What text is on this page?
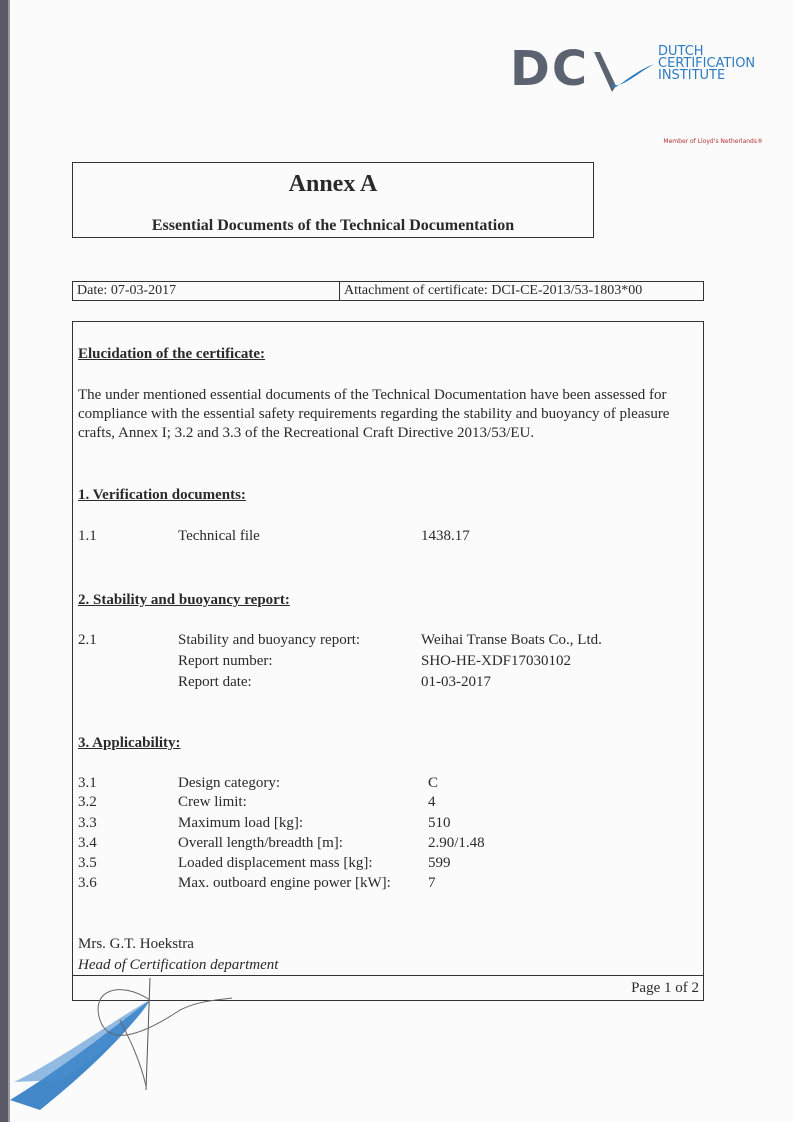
DC	DUTCH
CERTIFICATION
INSTITUTE
Member of Lloyd's Netherlands®
Annex A
Essential Documents of the Technical Documentation
Date: 07-03-2017	Attachment of certificate: DCI-CE-2013/53-1803*00
Elucidation of the certificate:
The under mentioned essential documents of the Technical Documentation have been assessed for compliance with the essential safety requirements regarding the stability and buoyancy of pleasure crafts, Annex I; 3.2 and 3.3 of the Recreational Craft Directive 2013/53/EU.
1. Verification documents:
1.1	Technical file	1438.17
2. Stability and buoyancy report:
2.1	Stability and buoyancy report:	Weihai Transe Boats Co., Ltd.
Report number:	SHO-HE-XDF17030102
Report date:	01-03-2017
3. Applicability:
3.1	Design category:	C
3.2	Crew limit:	4
3.3	Maximum load [kg]:	510
3.4	Overall length/breadth [m]:	2.90/1.48
3.5	Loaded displacement mass [kg]:	599
3.6	Max. outboard engine power [kW]: 7
Mrs. G.T. Hoekstra
Head of Certification department
Page 1 of 2
